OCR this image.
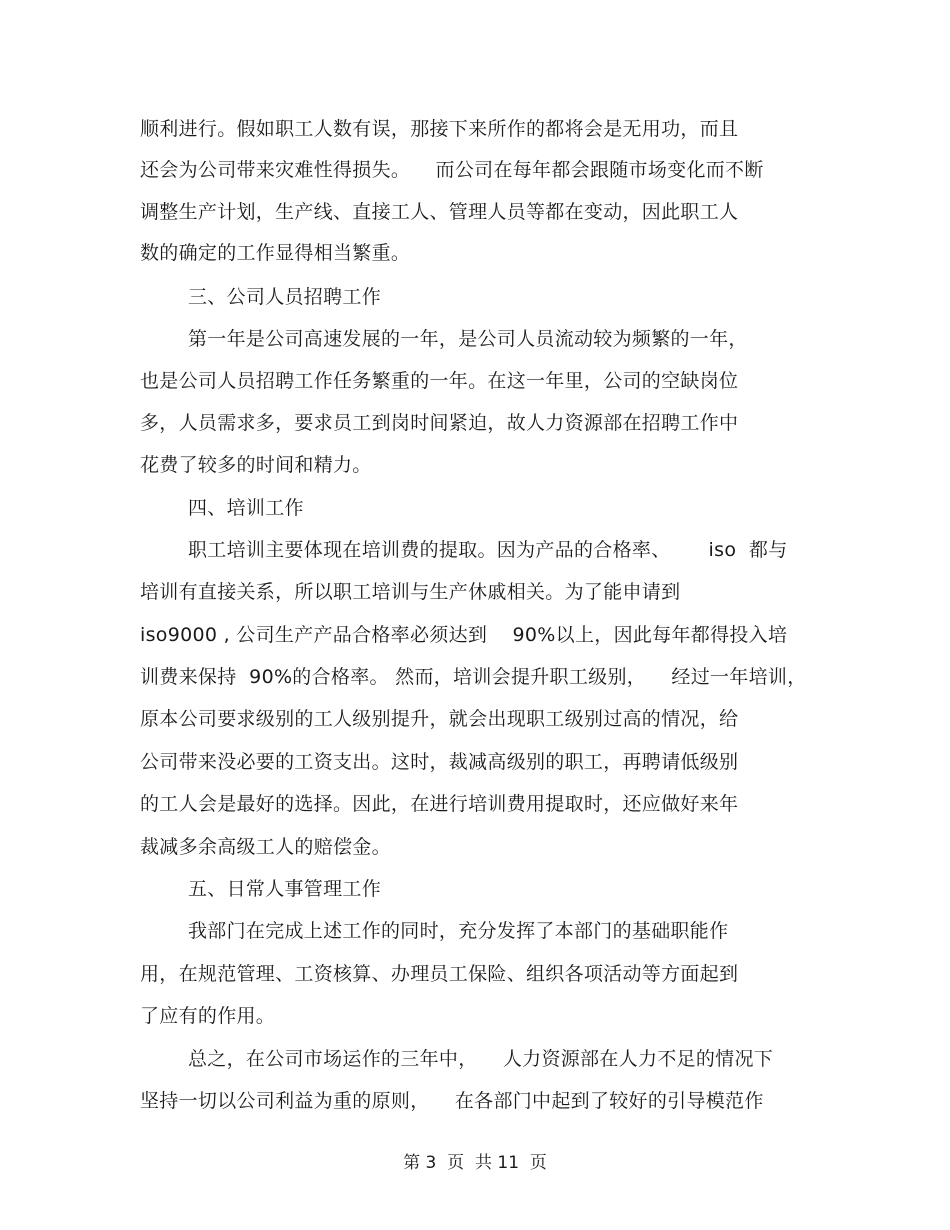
顺利进行。假如职工人数有误，那接下来所作的都将会是无用功，而且
还会为公司带来灾难性得损失。    而公司在每年都会跟随市场变化而不断
调整生产计划，生产线、直接工人、管理人员等都在变动，因此职工人
数的确定的工作显得相当繁重。
三、公司人员招聘工作
第一年是公司高速发展的一年，是公司人员流动较为频繁的一年，
也是公司人员招聘工作任务繁重的一年。在这一年里，公司的空缺岗位
多，人员需求多，要求员工到岗时间紧迫，故人力资源部在招聘工作中
花费了较多的时间和精力。
四、培训工作
职工培训主要体现在培训费的提取。因为产品的合格率、      iso  都与
培训有直接关系，所以职工培训与生产休戚相关。为了能申请到
iso9000 , 公司生产产品合格率必须达到    90%以上，因此每年都得投入培
训费来保持  90%的合格率。 然而，培训会提升职工级别，    经过一年培训，
原本公司要求级别的工人级别提升，就会出现职工级别过高的情况，给
公司带来没必要的工资支出。这时，裁减高级别的职工，再聘请低级别
的工人会是最好的选择。因此，在进行培训费用提取时，还应做好来年
裁减多余高级工人的赔偿金。
五、日常人事管理工作
我部门在完成上述工作的同时，充分发挥了本部门的基础职能作
用，在规范管理、工资核算、办理员工保险、组织各项活动等方面起到
了应有的作用。
总之，在公司市场运作的三年中，    人力资源部在人力不足的情况下
坚持一切以公司利益为重的原则，    在各部门中起到了较好的引导模范作
第 3  页  共 11  页
